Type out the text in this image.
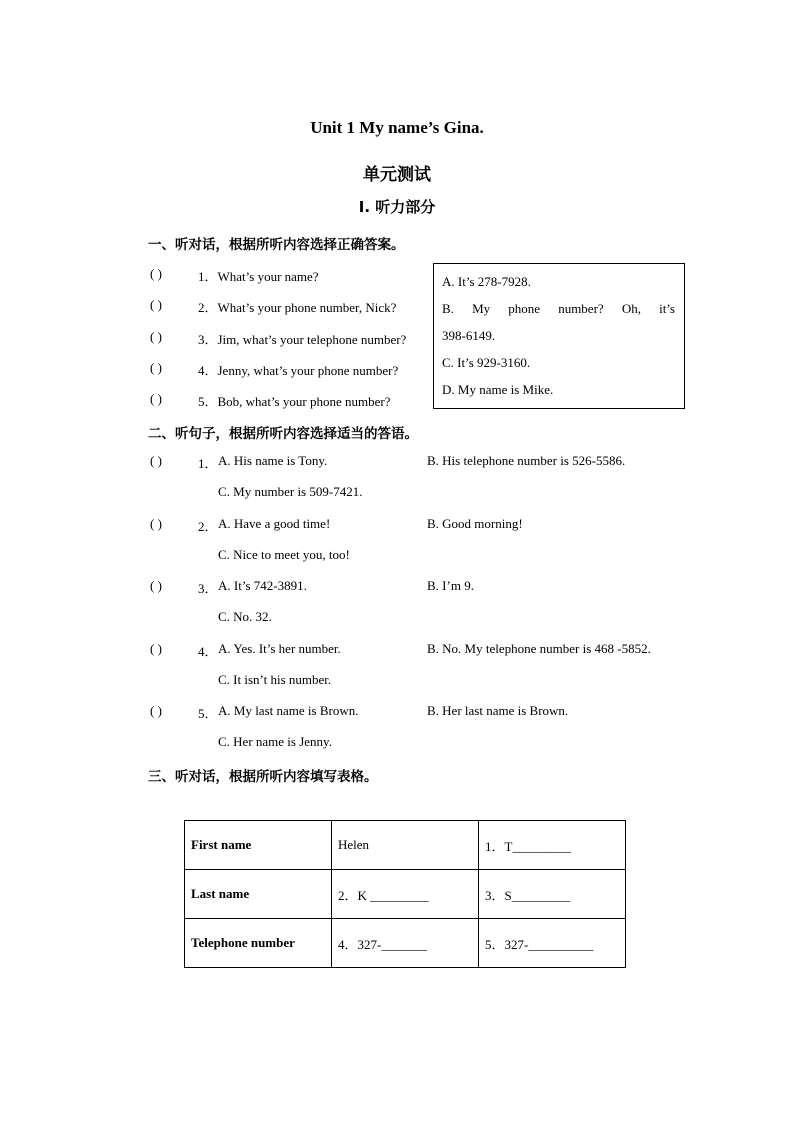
Unit 1 My name’s Gina.
单元测试
I. 听力部分
一、听对话，根据所听内容选择正确答案。
( )	1．What’s your name?
( )	2．What’s your phone number, Nick?
( )	3．Jim, what’s your telephone number?
( )	4．Jenny, what’s your phone number?
( )	5．Bob, what’s your phone number?
A. It’s 278-7928.
B. My phone number? Oh, it’s
398-6149.
C. It’s 929-3160.
D. My name is Mike.
二、听句子，根据所听内容选择适当的答语。
( )	1． A. His name is Tony.	B. His telephone number is 526-5586.
C. My number is 509-7421.
( )	2． A. Have a good time!	B. Good morning!
C. Nice to meet you, too!
( )	3． A. It’s 742-3891.	B. I’m 9.
C. No. 32.
( )	4． A. Yes. It’s her number.	B. No. My telephone number is 468 -5852.
C. It isn’t his number.
( )	5． A. My last name is Brown.	B. Her last name is Brown.
C. Her name is Jenny.
三、听对话，根据所听内容填写表格。
First name	Helen	1．T_________
Last name	2．K _________	3．S_________
Telephone number	4．327-_______	5．327-__________
